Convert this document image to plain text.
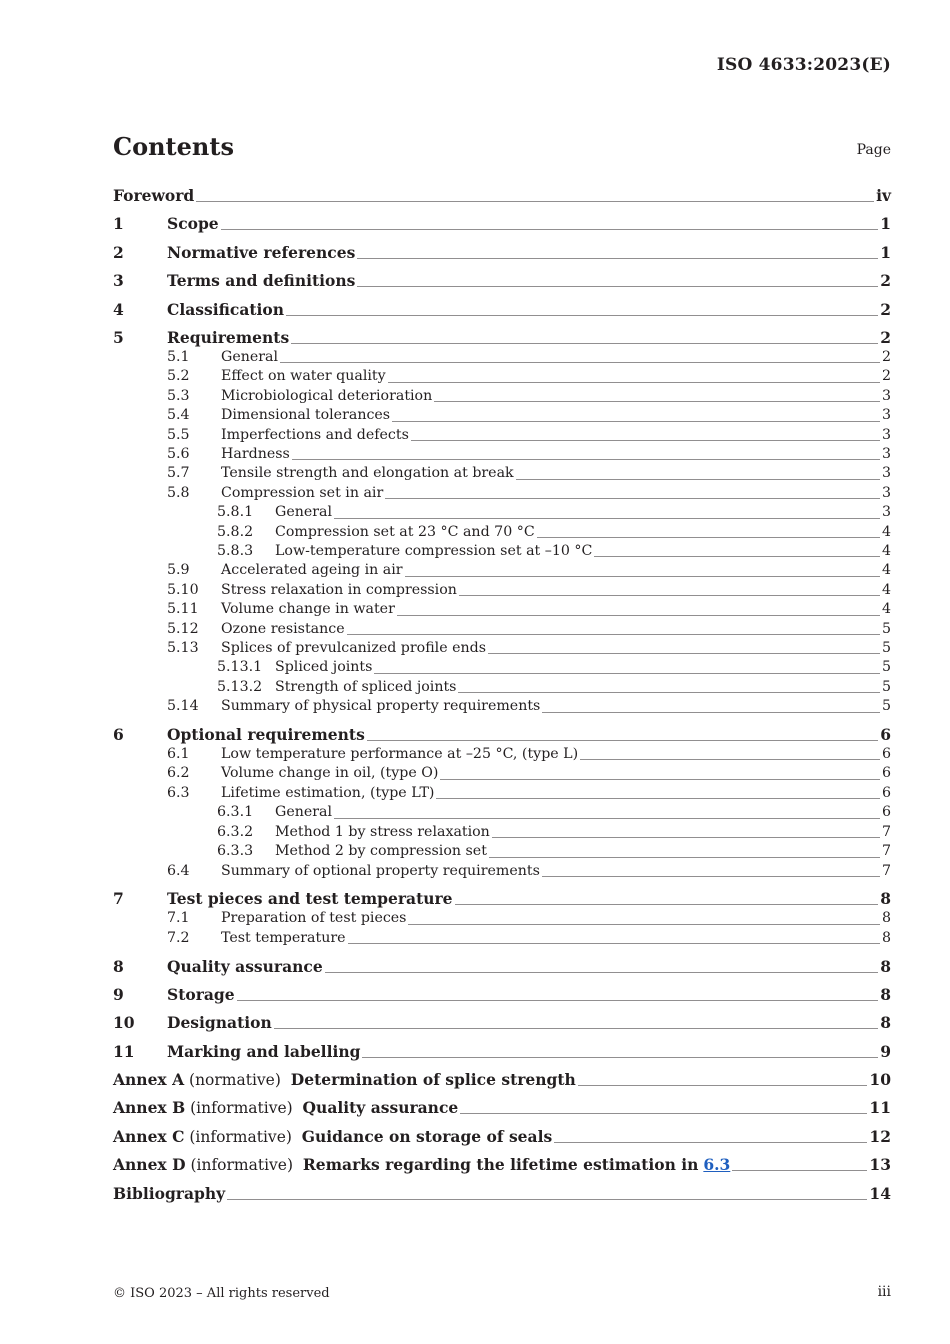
ISO 4633:2023(E)
Contents	Page
Foreword	iv
1	Scope	1
2	Normative references	1
3	Terms and definitions	2
4	Classification	2
5	Requirements	2
5.1	General	2
5.2	Effect on water quality	2
5.3	Microbiological deterioration	3
5.4	Dimensional tolerances	3
5.5	Imperfections and defects	3
5.6	Hardness	3
5.7	Tensile strength and elongation at break	3
5.8	Compression set in air	3
5.8.1	General	3
5.8.2	Compression set at 23 °C and 70 °C	4
5.8.3	Low-temperature compression set at –10 °C	4
5.9	Accelerated ageing in air	4
5.10	Stress relaxation in compression	4
5.11	Volume change in water	4
5.12	Ozone resistance	5
5.13	Splices of prevulcanized profile ends	5
5.13.1 Spliced joints	5
5.13.2 Strength of spliced joints	5
5.14	Summary of physical property requirements	5
6	Optional requirements	6
6.1	Low temperature performance at –25 °C, (type L)	6
6.2	Volume change in oil, (type O)	6
6.3	Lifetime estimation, (type LT)	6
6.3.1	General	6
6.3.2	Method 1 by stress relaxation	7
6.3.3	Method 2 by compression set	7
6.4	Summary of optional property requirements	7
7	Test pieces and test temperature	8
7.1	Preparation of test pieces	8
7.2	Test temperature	8
8	Quality assurance	8
9	Storage	8
10	Designation	8
11	Marking and labelling	9
Annex A (normative) Determination of splice strength	10
Annex B (informative) Quality assurance	11
Annex C (informative) Guidance on storage of seals	12
Annex D (informative) Remarks regarding the lifetime estimation in 6.3	13
Bibliography	14
© ISO 2023 – All rights reserved	iii
